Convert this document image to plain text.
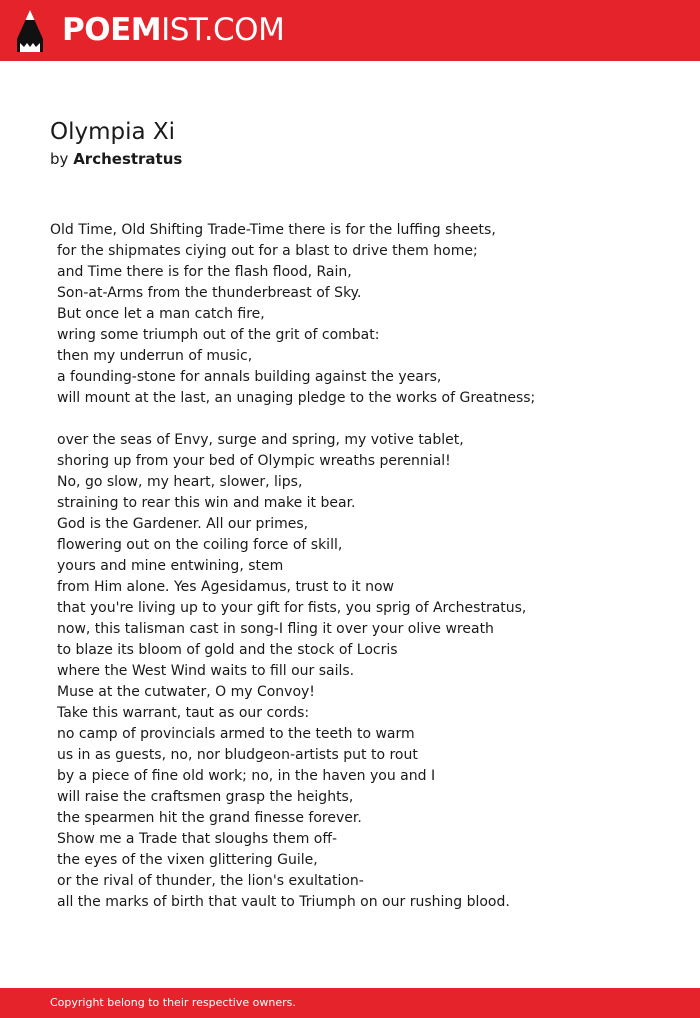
POEMIST.COM
Olympia Xi
by Archestratus
Old Time, Old Shifting Trade-Time there is for the luffing sheets,
for the shipmates ciying out for a blast to drive them home;
and Time there is for the flash flood, Rain,
Son-at-Arms from the thunderbreast of Sky.
But once let a man catch fire,
wring some triumph out of the grit of combat:
then my underrun of music,
a founding-stone for annals building against the years,
will mount at the last, an unaging pledge to the works of Greatness;
over the seas of Envy, surge and spring, my votive tablet,
shoring up from your bed of Olympic wreaths perennial!
No, go slow, my heart, slower, lips,
straining to rear this win and make it bear.
God is the Gardener. All our primes,
flowering out on the coiling force of skill,
yours and mine entwining, stem
from Him alone. Yes Agesidamus, trust to it now
that you're living up to your gift for fists, you sprig of Archestratus,
now, this talisman cast in song-I fling it over your olive wreath
to blaze its bloom of gold and the stock of Locris
where the West Wind waits to fill our sails.
Muse at the cutwater, O my Convoy!
Take this warrant, taut as our cords:
no camp of provincials armed to the teeth to warm
us in as guests, no, nor bludgeon-artists put to rout
by a piece of fine old work; no, in the haven you and I
will raise the craftsmen grasp the heights,
the spearmen hit the grand finesse forever.
Show me a Trade that sloughs them off-
the eyes of the vixen glittering Guile,
or the rival of thunder, the lion's exultation-
all the marks of birth that vault to Triumph on our rushing blood.
Copyright belong to their respective owners.
